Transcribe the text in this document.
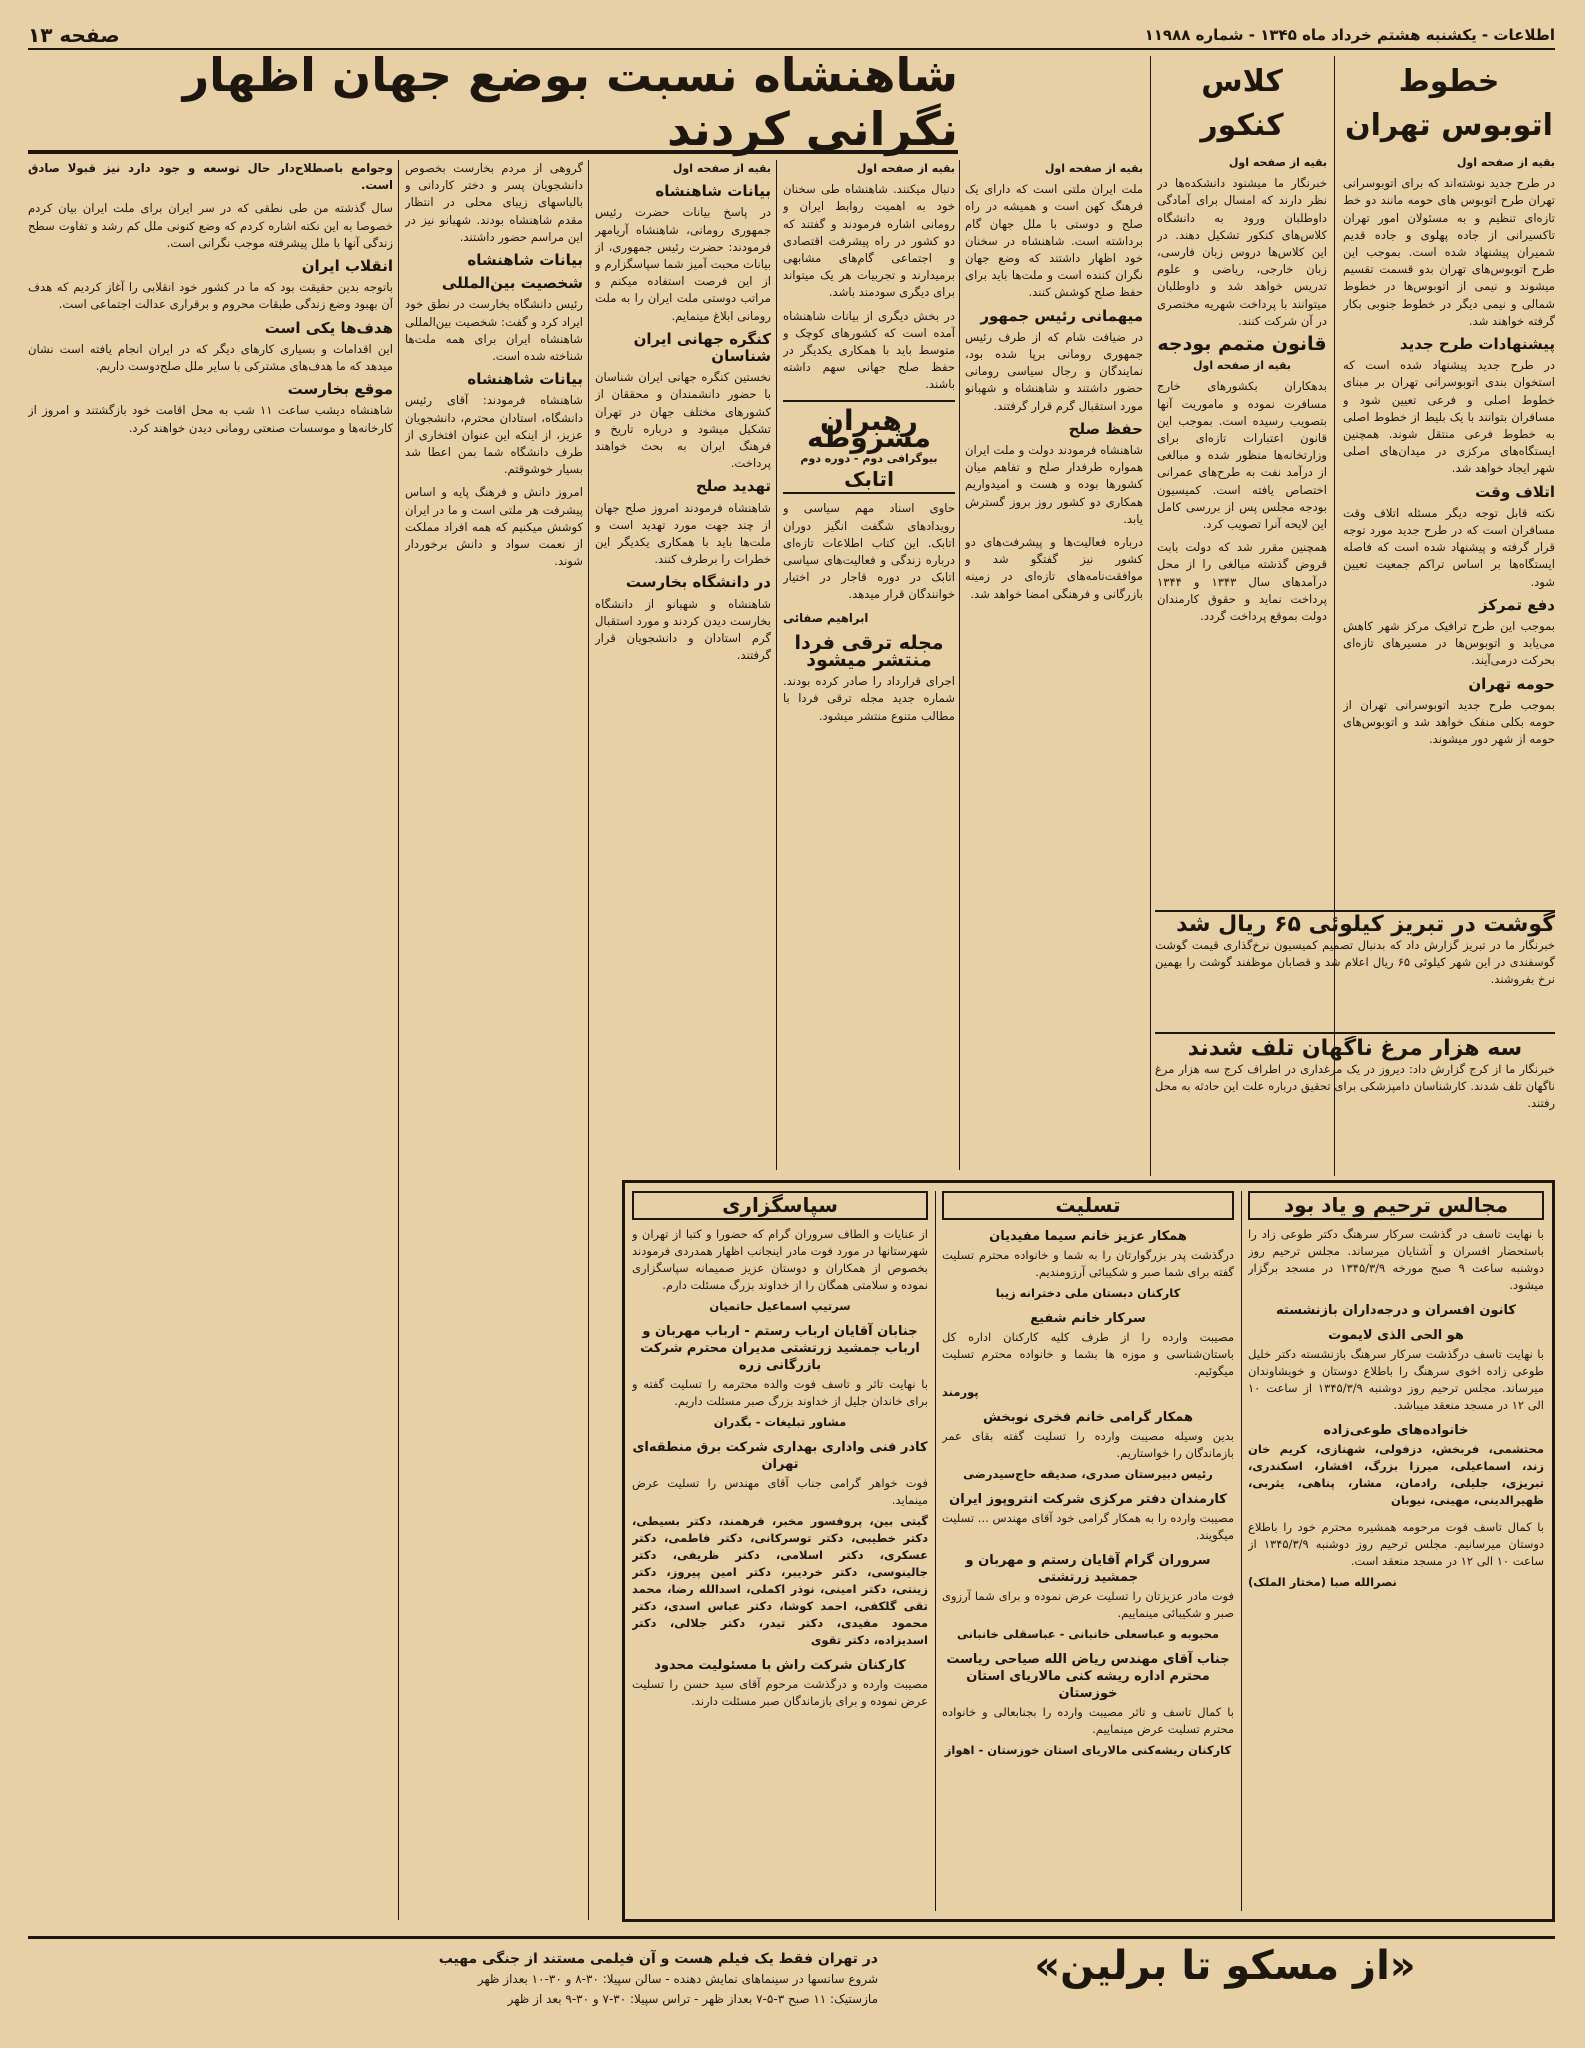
اطلاعات - یکشنبه هشتم خرداد ماه ۱۳۴۵ - شماره ۱۱۹۸۸
صفحه ۱۳
خطوط اتوبوس تهران
بقیه از صفحه اول

در طرح جدید نوشته‌اند که برای اتوبوسرانی تهران طرح اتوبوس های حومه مانند دو خط تازه‌ای تنظیم و به مسئولان امور تهران تاکسیرانی از جاده پهلوی و جاده قدیم شمیران پیشنهاد شده است. بموجب این طرح اتوبوس‌های تهران بدو قسمت تقسیم میشوند و نیمی از اتوبوس‌ها در خطوط شمالی و نیمی دیگر در خطوط جنوبی بکار گرفته خواهند شد.

پیشنهادات طرح جدید

در طرح جدید پیشنهاد شده است که استخوان بندی اتوبوسرانی تهران بر مبنای خطوط اصلی و فرعی تعیین شود و مسافران بتوانند با یک بلیط از خطوط اصلی به خطوط فرعی منتقل شوند. همچنین ایستگاه‌های مرکزی در میدان‌های اصلی شهر ایجاد خواهد شد.

اتلاف وقت

نکته قابل توجه دیگر مسئله اتلاف وقت مسافران است که در طرح جدید مورد توجه قرار گرفته و پیشنهاد شده است که فاصله ایستگاه‌ها بر اساس تراکم جمعیت تعیین شود.

دفع تمرکز

بموجب این طرح ترافیک مرکز شهر کاهش می‌یابد و اتوبوس‌ها در مسیرهای تازه‌ای بحرکت درمی‌آیند.

حومه تهران

بموجب طرح جدید اتوبوسرانی تهران از حومه بکلی منفک خواهد شد و اتوبوس‌های حومه از شهر دور میشوند.

کلاس کنکور
بقیه از صفحه اول

خبرنگار ما میشنود دانشکده‌ها در نظر دارند که امسال برای آمادگی داوطلبان ورود به دانشگاه کلاس‌های کنکور تشکیل دهند. در این کلاس‌ها دروس زبان فارسی، زبان خارجی، ریاضی و علوم تدریس خواهد شد و داوطلبان میتوانند با پرداخت شهریه مختصری در آن شرکت کنند.

قانون متمم بودجه
بقیه از صفحه اول

بدهکاران بکشورهای خارج مسافرت نموده و ماموریت آنها بتصویب رسیده است. بموجب این قانون اعتبارات تازه‌ای برای وزارتخانه‌ها منظور شده و مبالغی از درآمد نفت به طرح‌های عمرانی اختصاص یافته است. کمیسیون بودجه مجلس پس از بررسی کامل این لایحه آنرا تصویب کرد.

همچنین مقرر شد که دولت بابت قروض گذشته مبالغی را از محل درآمدهای سال ۱۳۴۳ و ۱۳۴۴ پرداخت نماید و حقوق کارمندان دولت بموقع پرداخت گردد.

گوشت در تبریز کیلوئی ۶۵ ریال شد
خبرنگار ما در تبریز گزارش داد که بدنبال تصمیم کمیسیون نرخ‌گذاری قیمت گوشت گوسفندی در این شهر کیلوئی ۶۵ ریال اعلام شد و قصابان موظفند گوشت را بهمین نرخ بفروشند.
سه هزار مرغ ناگهان تلف شدند
خبرنگار ما از کرج گزارش داد: دیروز در یک مرغداری در اطراف کرج سه هزار مرغ ناگهان تلف شدند. کارشناسان دامپزشکی برای تحقیق درباره علت این حادثه به محل رفتند.
شاهنشاه نسبت بوضع جهان اظهار نگرانی کردند
بقیه از صفحه اول

ملت ایران ملتی است که دارای یک فرهنگ کهن است و همیشه در راه صلح و دوستی با ملل جهان گام برداشته است. شاهنشاه در سخنان خود اظهار داشتند که وضع جهان نگران کننده است و ملت‌ها باید برای حفظ صلح کوشش کنند.

میهمانی رئیس جمهور

در ضیافت شام که از طرف رئیس جمهوری رومانی برپا شده بود، نمایندگان و رجال سیاسی رومانی حضور داشتند و شاهنشاه و شهبانو مورد استقبال گرم قرار گرفتند.

حفظ صلح

شاهنشاه فرمودند دولت و ملت ایران همواره طرفدار صلح و تفاهم میان کشورها بوده و هست و امیدواریم همکاری دو کشور روز بروز گسترش یابد.

درباره فعالیت‌ها و پیشرفت‌های دو کشور نیز گفتگو شد و موافقت‌نامه‌های تازه‌ای در زمینه بازرگانی و فرهنگی امضا خواهد شد.

بقیه از صفحه اول

دنبال میکنند. شاهنشاه طی سخنان خود به اهمیت روابط ایران و رومانی اشاره فرمودند و گفتند که دو کشور در راه پیشرفت اقتصادی و اجتماعی گام‌های مشابهی برمیدارند و تجربیات هر یک میتواند برای دیگری سودمند باشد.

در بخش دیگری از بیانات شاهنشاه آمده است که کشورهای کوچک و متوسط باید با همکاری یکدیگر در حفظ صلح جهانی سهم داشته باشند.

رهبران مشروطه
بیوگرافی دوم - دوره دوم
اتابک

حاوی اسناد مهم سیاسی و رویدادهای شگفت انگیز دوران اتابک. این کتاب اطلاعات تازه‌ای درباره زندگی و فعالیت‌های سیاسی اتابک در دوره قاجار در اختیار خوانندگان قرار میدهد.

ابراهیم صفائی
مجله ترقی فردا منتشر میشود

اجرای قرارداد را صادر کرده بودند. شماره جدید مجله ترقی فردا با مطالب متنوع منتشر میشود.

بقیه از صفحه اول
بیانات شاهنشاه

در پاسخ بیانات حضرت رئیس جمهوری رومانی، شاهنشاه آریامهر فرمودند: حضرت رئیس جمهوری، از بیانات محبت آمیز شما سپاسگزارم و از این فرصت استفاده میکنم و مراتب دوستی ملت ایران را به ملت رومانی ابلاغ مینمایم.

کنگره جهانی ایران شناسان

نخستین کنگره جهانی ایران شناسان با حضور دانشمندان و محققان از کشورهای مختلف جهان در تهران تشکیل میشود و درباره تاریخ و فرهنگ ایران به بحث خواهند پرداخت.

تهدید صلح

شاهنشاه فرمودند امروز صلح جهان از چند جهت مورد تهدید است و ملت‌ها باید با همکاری یکدیگر این خطرات را برطرف کنند.

در دانشگاه بخارست

شاهنشاه و شهبانو از دانشگاه بخارست دیدن کردند و مورد استقبال گرم استادان و دانشجویان قرار گرفتند.

گروهی از مردم بخارست بخصوص دانشجویان پسر و دختر کاردانی و بالباسهای زیبای محلی در انتظار مقدم شاهنشاه بودند. شهبانو نیز در این مراسم حضور داشتند.

بیانات شاهنشاه
شخصیت بین‌المللی

رئیس دانشگاه بخارست در نطق خود ایراد کرد و گفت: شخصیت بین‌المللی شاهنشاه ایران برای همه ملت‌ها شناخته شده است.

بیانات شاهنشاه

شاهنشاه فرمودند: آقای رئیس دانشگاه، استادان محترم، دانشجویان عزیز، از اینکه این عنوان افتخاری از طرف دانشگاه شما بمن اعطا شد بسیار خوشوقتم.

امروز دانش و فرهنگ پایه و اساس پیشرفت هر ملتی است و ما در ایران کوشش میکنیم که همه افراد مملکت از نعمت سواد و دانش برخوردار شوند.

وجوامع باصطلاح‌دار حال توسعه و جود دارد نیز قبولا صادق است.

سال گذشته من طی نطقی که در سر ایران برای ملت ایران بیان کردم خصوصا به این نکته اشاره کردم که وضع کنونی ملل کم رشد و تفاوت سطح زندگی آنها با ملل پیشرفته موجب نگرانی است.

انقلاب ایران

باتوجه بدین حقیقت بود که ما در کشور خود انقلابی را آغاز کردیم که هدف آن بهبود وضع زندگی طبقات محروم و برقراری عدالت اجتماعی است.

هدف‌ها یکی است

این اقدامات و بسیاری کارهای دیگر که در ایران انجام یافته است نشان میدهد که ما هدف‌های مشترکی با سایر ملل صلح‌دوست داریم.

موقع بخارست

شاهنشاه دیشب ساعت ۱۱ شب به محل اقامت خود بازگشتند و امروز از کارخانه‌ها و موسسات صنعتی رومانی دیدن خواهند کرد.

مجالس ترحیم و یاد بود

با نهایت تاسف در گذشت سرکار سرهنگ دکتر طوعی زاد را باستحضار افسران و آشنایان میرساند. مجلس ترحیم روز دوشنبه ساعت ۹ صبح مورخه ۱۳۴۵/۳/۹ در مسجد برگزار میشود.

کانون افسران و درجه‌داران بازنشسته
هو الحی الذی لایموت

با نهایت تاسف درگذشت سرکار سرهنگ بازنشسته دکتر خلیل طوعی زاده اخوی سرهنگ را باطلاع دوستان و خویشاوندان میرساند. مجلس ترحیم روز دوشنبه ۱۳۴۵/۳/۹ از ساعت ۱۰ الی ۱۲ در مسجد منعقد میباشد.

خانواده‌های طوعی‌زاده

محتشمی، فربخش، دزفولی، شهنازی، کریم خان زند، اسماعیلی، میرزا بزرگ، افشار، اسکندری، تبریزی، جلیلی، رادمان، مشار، پناهی، یثربی، ظهیرالدینی، مهینی، نیوبان

با کمال تاسف فوت مرحومه همشیره محترم خود را باطلاع دوستان میرسانیم. مجلس ترحیم روز دوشنبه ۱۳۴۵/۳/۹ از ساعت ۱۰ الی ۱۲ در مسجد منعقد است.

نصرالله صبا (مختار الملک)
تسلیت
همکار عزیز خانم سیما مفیدیان

درگذشت پدر بزرگوارتان را به شما و خانواده محترم تسلیت گفته برای شما صبر و شکیبائی آرزومندیم.

کارکنان دبستان ملی دخترانه زیبا
سرکار خانم شفیع

مصیبت وارده را از طرف کلیه کارکنان اداره کل باستان‌شناسی و موزه ها بشما و خانواده محترم تسلیت میگوئیم.

پورمند
همکار گرامی خانم فخری نوبخش

بدین وسیله مصیبت وارده را تسلیت گفته بقای عمر بازماندگان را خواستاریم.

رئیس دبیرستان صدری، صدیقه حاج‌سیدرضی
کارمندان دفتر مرکزی شرکت انتروپوز ایران

مصیبت وارده را به همکار گرامی خود آقای مهندس ... تسلیت میگویند.

سروران گرام آقایان رستم و مهربان و جمشید زرتشتی

فوت مادر عزیزتان را تسلیت عرض نموده و برای شما آرزوی صبر و شکیبائی مینماییم.

محبوبه و عباسعلی خانبانی - عباسقلی خانبانی
جناب آقای مهندس ریاض الله صیاحی ریاست محترم اداره ریشه کنی مالاریای استان خوزستان

با کمال تاسف و تاثر مصیبت وارده را بجنابعالی و خانواده محترم تسلیت عرض مینماییم.

کارکنان ریشه‌کنی مالاریای استان خوزستان - اهواز
سپاسگزاری

از عنایات و الطاف سروران گرام که حضورا و کتبا از تهران و شهرستانها در مورد فوت مادر اینجانب اظهار همدردی فرمودند بخصوص از همکاران و دوستان عزیز صمیمانه سپاسگزاری نموده و سلامتی همگان را از خداوند بزرگ مسئلت دارم.

سرتیپ اسماعیل حاتمیان
جنابان آقایان ارباب رستم - ارباب مهربان و ارباب جمشید زرتشتی مدیران محترم شرکت بازرگانی زره

با نهایت تاثر و تاسف فوت والده محترمه را تسلیت گفته و برای خاندان جلیل از خداوند بزرگ صبر مسئلت داریم.

مشاور تبلیغات - بگدران
کادر فنی وادارى بهداری شرکت برق منطقه‌ای تهران

فوت خواهر گرامی جناب آقای مهندس را تسلیت عرض مینماید.

گیتی بین، پروفسور مخبر، فرهمند، دکتر بسیطی، دکتر خطیبی، دکتر توسرکانی، دکتر فاطمی، دکتر عسکری، دکتر اسلامی، دکتر ظریفی، دکتر جالینوسی، دکتر خردیبر، دکتر امین پیروز، دکتر زینتی، دکتر امینی، نوذر اکملی، اسدالله رضا، محمد تقی گلکفی، احمد کوشا، دکتر عباس اسدی، دکتر محمود مفیدی، دکتر تیدر، دکتر جلالی، دکتر اسدیزاده، دکتر تقوی

کارکنان شرکت راش با مسئولیت محدود

مصیبت وارده و درگذشت مرحوم آقای سید حسن را تسلیت عرض نموده و برای بازماندگان صبر مسئلت دارند.

«از مسکو تا برلین»
در تهران فقط یک فیلم هست و آن فیلمی مستند از جنگی مهیب
شروع سانسها در سینماهای نمایش دهنده - سالن سپیلا: ۳۰-۸ و ۳۰-۱۰ بعداز ظهر
مازستیک: ۱۱ صبح ۳-۵-۷ بعداز ظهر - تراس سپیلا: ۳۰-۷ و ۳۰-۹ بعد از ظهر
